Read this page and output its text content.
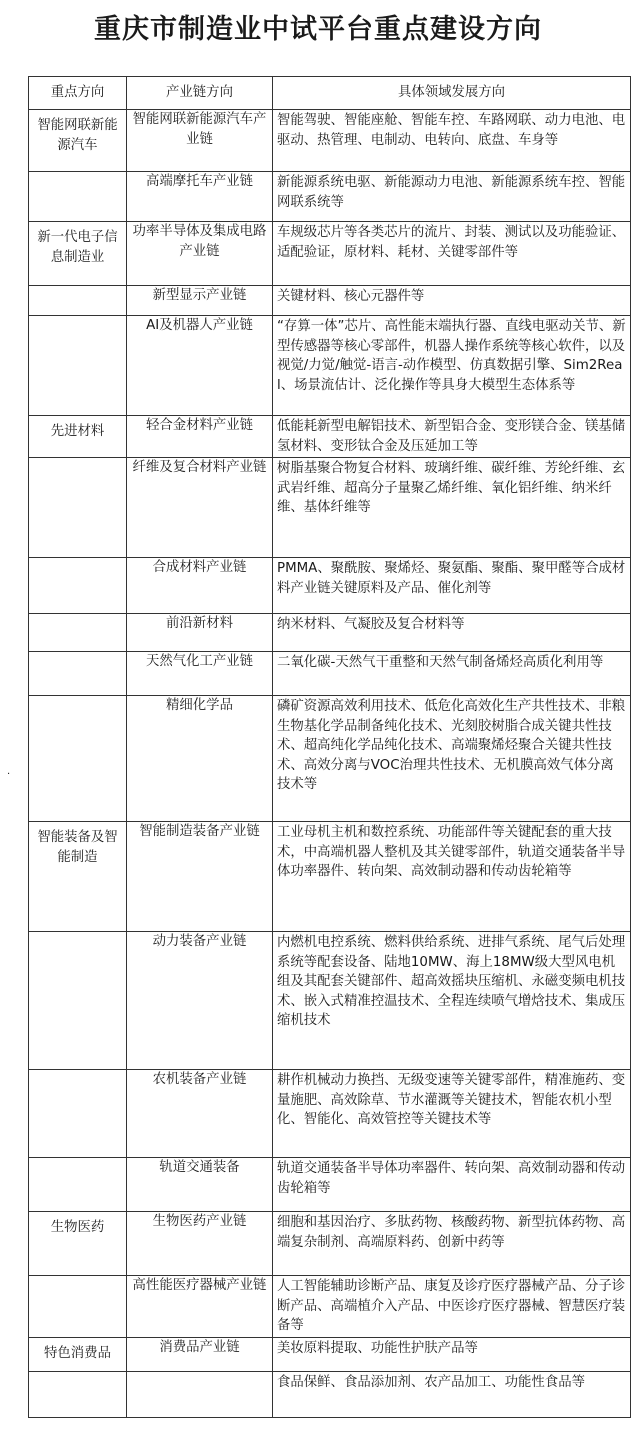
重庆市制造业中试平台重点建设方向
·
重点方向	产业链方向	具体领域发展方向
智能网联新能源汽车	智能网联新能源汽车产业链	智能驾驶、智能座舱、智能车控、车路网联、动力电池、电驱动、热管理、电制动、电转向、底盘、车身等
	高端摩托车产业链	新能源系统电驱、新能源动力电池、新能源系统车控、智能网联系统等
新一代电子信息制造业	功率半导体及集成电路产业链	车规级芯片等各类芯片的流片、封装、测试以及功能验证、适配验证，原材料、耗材、关键零部件等
	新型显示产业链	关键材料、核心元器件等
	AI及机器人产业链	“存算一体”芯片、高性能末端执行器、直线电驱动关节、新型传感器等核心零部件，机器人操作系统等核心软件，以及视觉/力觉/触觉-语言-动作模型、仿真数据引擎、Sim2Real、场景流估计、泛化操作等具身大模型生态体系等
先进材料	轻合金材料产业链	低能耗新型电解铝技术、新型铝合金、变形镁合金、镁基储氢材料、变形钛合金及压延加工等
	纤维及复合材料产业链	树脂基聚合物复合材料、玻璃纤维、碳纤维、芳纶纤维、玄武岩纤维、超高分子量聚乙烯纤维、氧化铝纤维、纳米纤维、基体纤维等
	合成材料产业链	PMMA、聚酰胺、聚烯烃、聚氨酯、聚酯、聚甲醛等合成材料产业链关键原料及产品、催化剂等
	前沿新材料	纳米材料、气凝胶及复合材料等
	天然气化工产业链	二氧化碳-天然气干重整和天然气制备烯烃高质化利用等
	精细化学品	磷矿资源高效利用技术、低危化高效化生产共性技术、非粮生物基化学品制备纯化技术、光刻胶树脂合成关键共性技术、超高纯化学品纯化技术、高端聚烯烃聚合关键共性技术、高效分离与VOC治理共性技术、无机膜高效气体分离技术等
智能装备及智能制造	智能制造装备产业链	工业母机主机和数控系统、功能部件等关键配套的重大技术，中高端机器人整机及其关键零部件，轨道交通装备半导体功率器件、转向架、高效制动器和传动齿轮箱等
	动力装备产业链	内燃机电控系统、燃料供给系统、进排气系统、尾气后处理系统等配套设备、陆地10MW、海上18MW级大型风电机组及其配套关键部件、超高效摇块压缩机、永磁变频电机技术、嵌入式精准控温技术、全程连续喷气增焓技术、集成压缩机技术
	农机装备产业链	耕作机械动力换挡、无级变速等关键零部件，精准施药、变量施肥、高效除草、节水灌溉等关键技术，智能农机小型化、智能化、高效管控等关键技术等
	轨道交通装备	轨道交通装备半导体功率器件、转向架、高效制动器和传动齿轮箱等
生物医药	生物医药产业链	细胞和基因治疗、多肽药物、核酸药物、新型抗体药物、高端复杂制剂、高端原料药、创新中药等
	高性能医疗器械产业链	人工智能辅助诊断产品、康复及诊疗医疗器械产品、分子诊断产品、高端植介入产品、中医诊疗医疗器械、智慧医疗装备等
特色消费品	消费品产业链	美妆原料提取、功能性护肤产品等
		食品保鲜、食品添加剂、农产品加工、功能性食品等
